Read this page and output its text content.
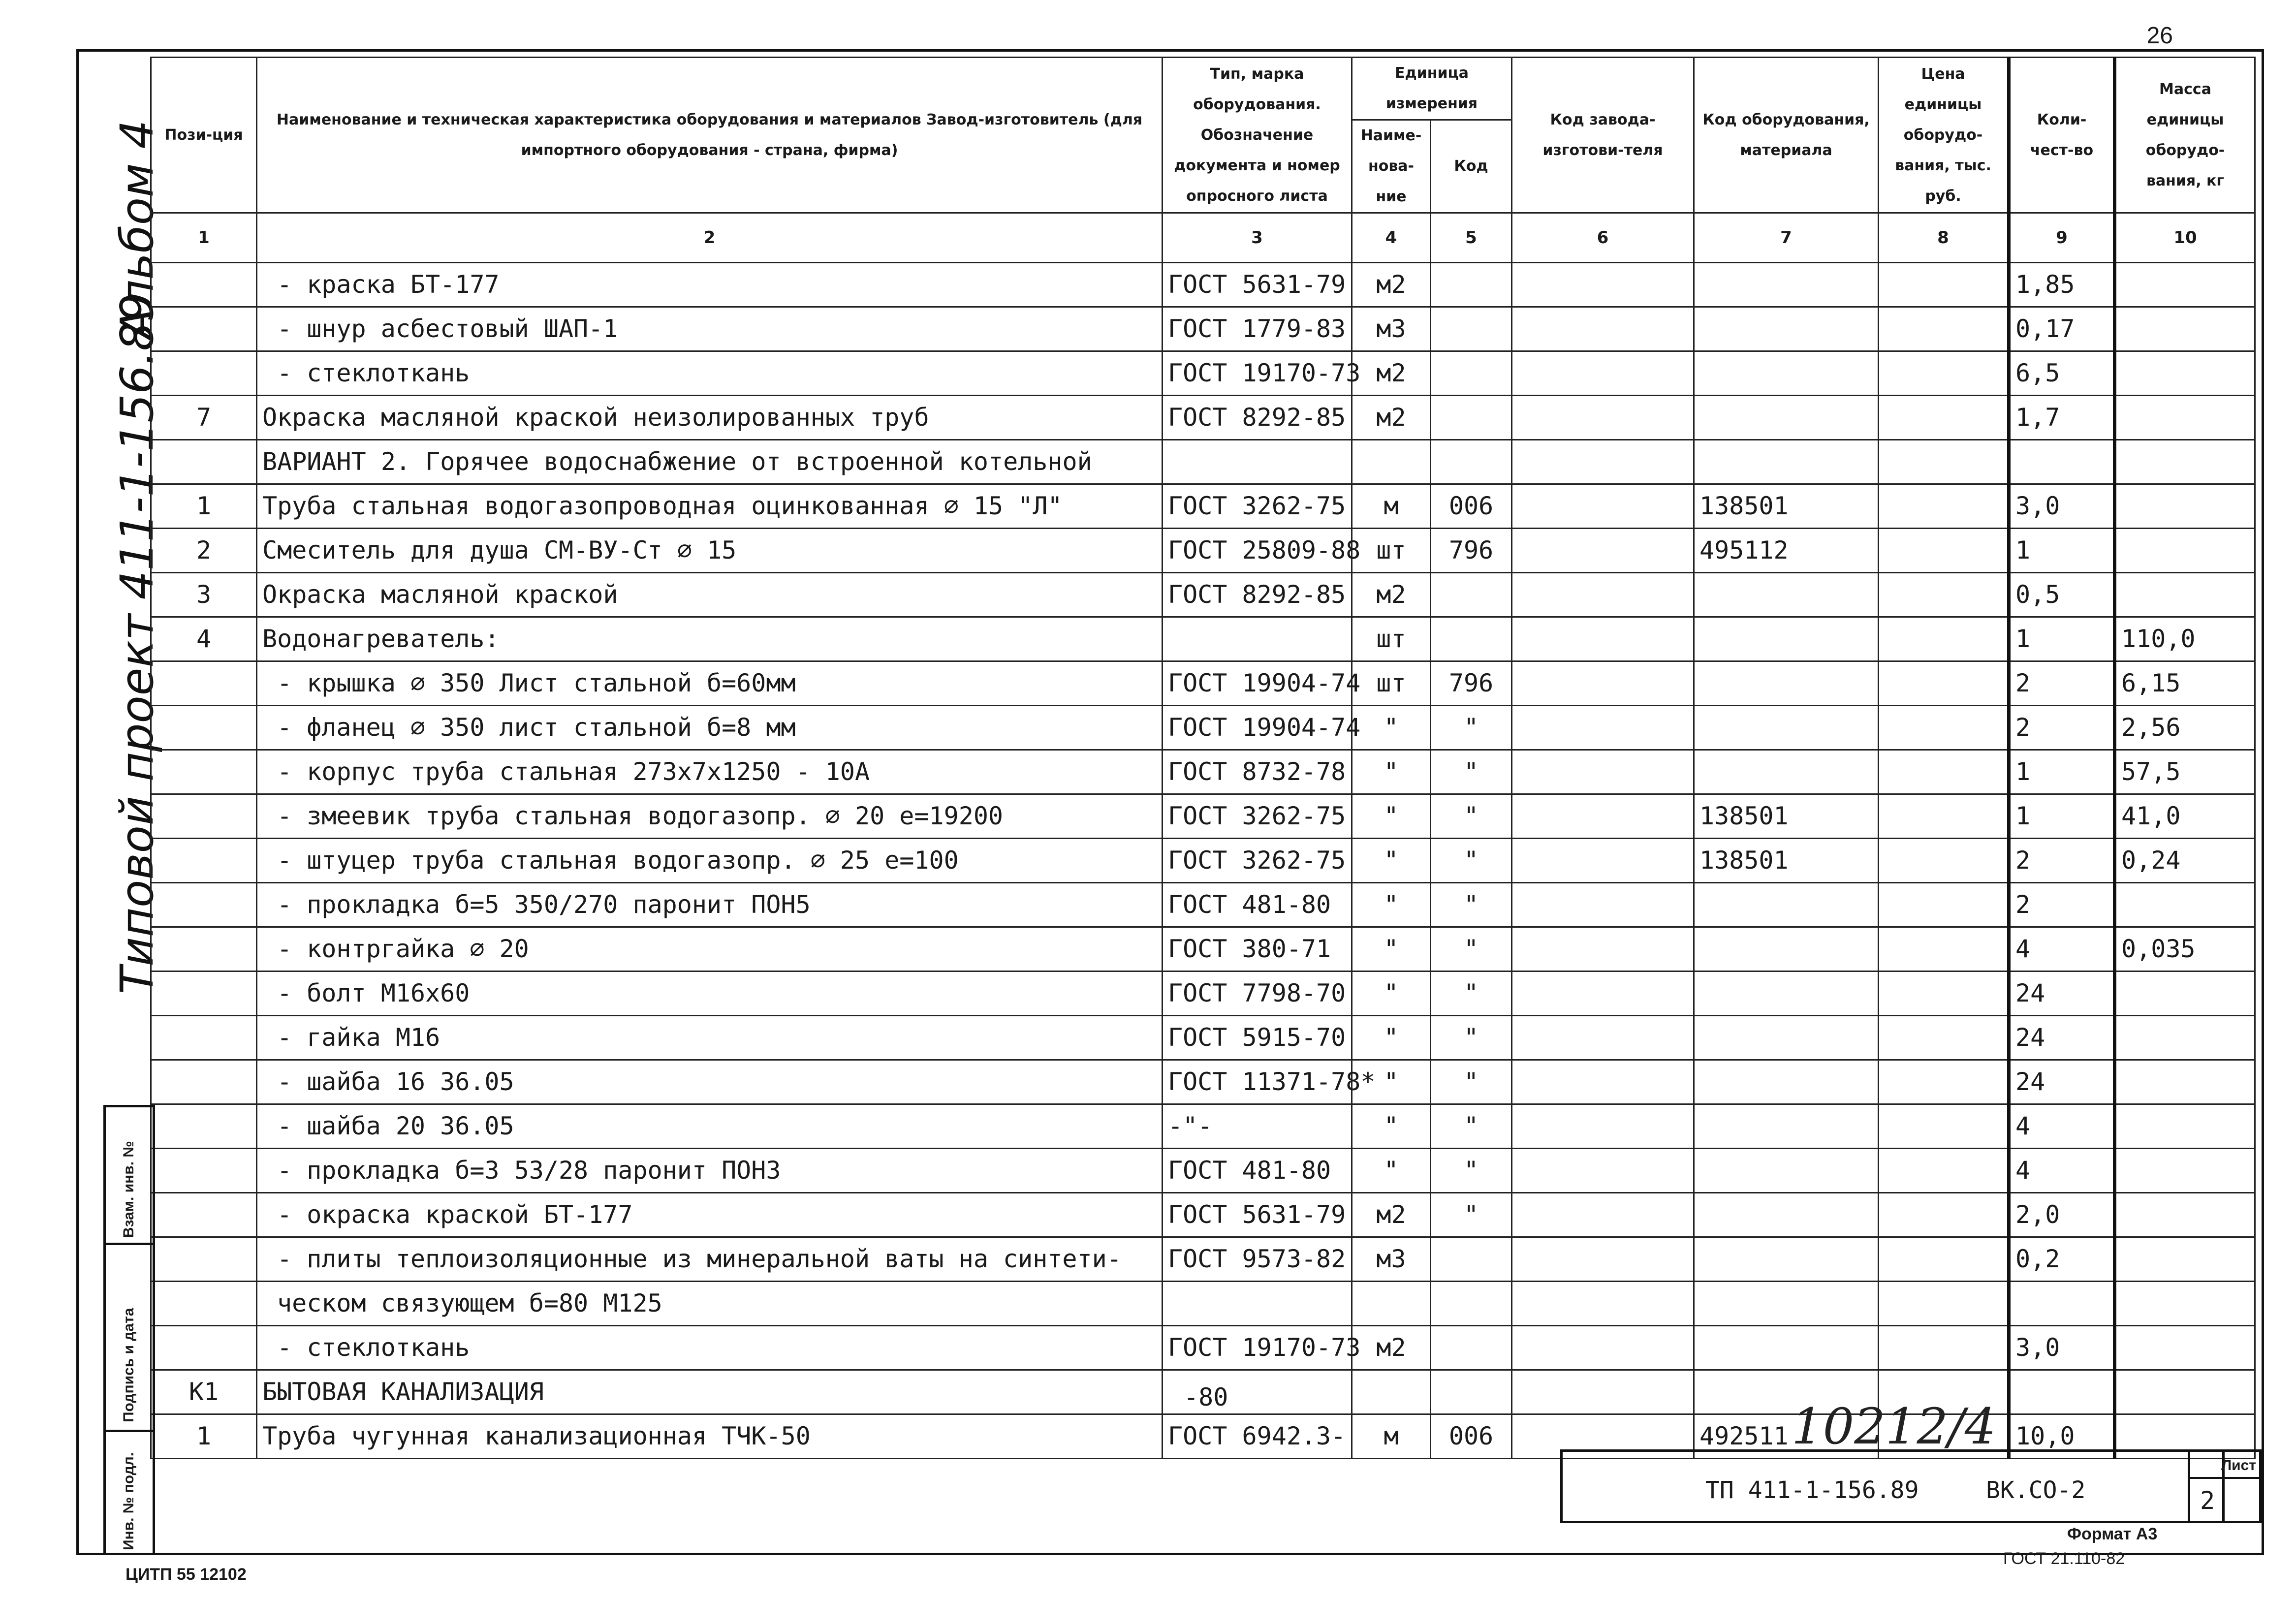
26
Альбом 4
Типовой проект 411-1-156.89
Пози-ция	Наименование и техническая характеристика оборудования и материалов Завод-изготовитель (для импортного оборудования - страна, фирма)	Тип, марка оборудования. Обозначение документа и номер опросного листа	Единица измерения		Код завода-изготови-теля	Код оборудования, материала	Цена единицы оборудо-вания, тыс. руб.	Коли-чест-во	Масса единицы оборудо-вания, кг
			Наиме-нова-ние	Код					
1	2	3	4	5	6	7	8	9	10
	- краска БТ-177	ГОСТ 5631-79	м2					1,85	
	- шнур асбестовый ШАП-1	ГОСТ 1779-83	м3					0,17	
	- стеклоткань	ГОСТ 19170-73	м2					6,5	
7	Окраска масляной краской неизолированных труб	ГОСТ 8292-85	м2					1,7	
	ВАРИАНТ 2. Горячее водоснабжение от встроенной котельной								
1	Труба стальная водогазопроводная оцинкованная ∅ 15 "Л"	ГОСТ 3262-75	м	006		138501		3,0	
2	Смеситель для душа СМ-ВУ-Ст ∅ 15	ГОСТ 25809-88	шт	796		495112		1	
3	Окраска масляной краской	ГОСТ 8292-85	м2					0,5	
4	Водонагреватель:		шт					1	110,0
	- крышка ∅ 350 Лист стальной б=60мм	ГОСТ 19904-74	шт	796				2	6,15
	- фланец ∅ 350 лист стальной б=8 мм	ГОСТ 19904-74	"	"				2	2,56
	- корпус труба стальная 273х7х1250 - 10А	ГОСТ 8732-78	"	"				1	57,5
	- змеевик труба стальная водогазопр. ∅ 20 е=19200	ГОСТ 3262-75	"	"		138501		1	41,0
	- штуцер труба стальная водогазопр. ∅ 25 е=100	ГОСТ 3262-75	"	"		138501		2	0,24
	- прокладка б=5 350/270 паронит ПОН5	ГОСТ 481-80	"	"				2	
	- контргайка ∅ 20	ГОСТ 380-71	"	"				4	0,035
	- болт М16х60	ГОСТ 7798-70	"	"				24	
	- гайка М16	ГОСТ 5915-70	"	"				24	
	- шайба 16 36.05	ГОСТ 11371-78*	"	"				24	
	- шайба 20 36.05	-"-	"	"				4	
	- прокладка б=3 53/28 паронит ПОН3	ГОСТ 481-80	"	"				4	
	- окраска краской БТ-177	ГОСТ 5631-79	м2	"				2,0	
	- плиты теплоизоляционные из минеральной ваты на синтети-	ГОСТ 9573-82	м3					0,2	
	ческом связующем б=80 М125								
	- стеклоткань	ГОСТ 19170-73	м2					3,0	
К1	БЫТОВАЯ КАНАЛИЗАЦИЯ								
1	Труба чугунная канализационная ТЧК-50	ГОСТ 6942.3-	м	006		492511		10,0	
-80
Взам. инв. №
Подпись и дата
Инв. № подл.
10212/4
ТП 411-1-156.89	ВК.СО-2
Лист
2
Формат А3
ГОСТ 21.110-82
ЦИТП 55 12102
